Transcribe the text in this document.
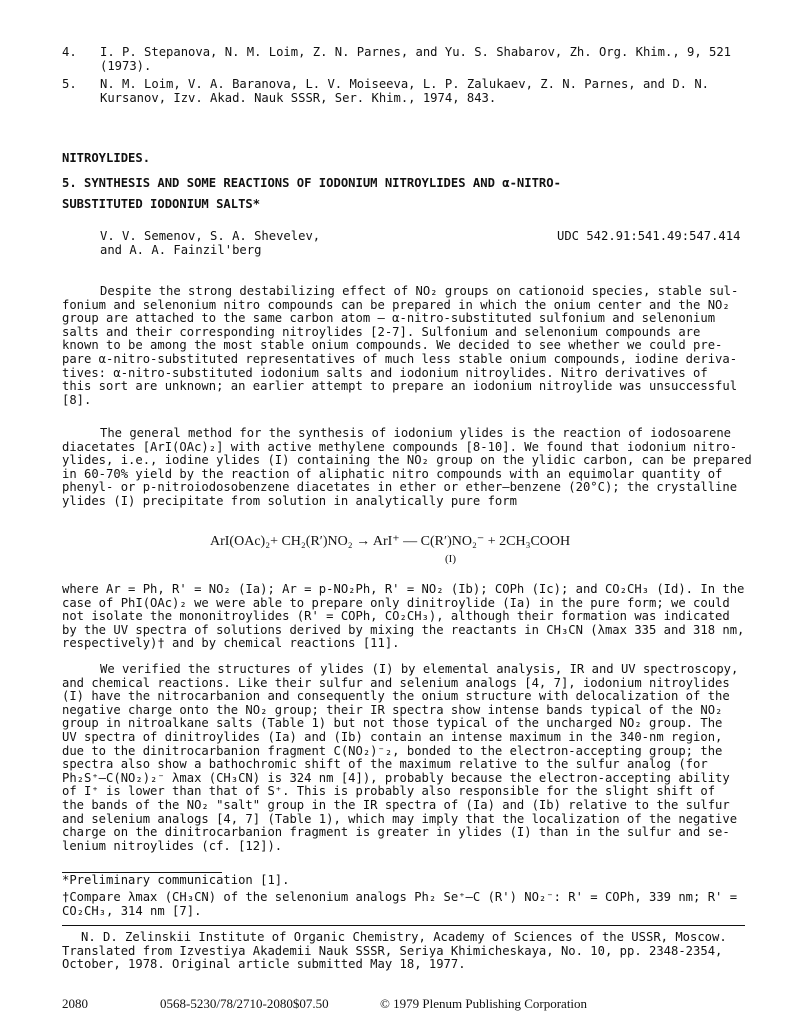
4. I. P. Stepanova, N. M. Loim, Z. N. Parnes, and Yu. S. Shabarov, Zh. Org. Khim., 9, 521
(1973).
5. N. M. Loim, V. A. Baranova, L. V. Moiseeva, L. P. Zalukaev, Z. N. Parnes, and D. N.
Kursanov, Izv. Akad. Nauk SSSR, Ser. Khim., 1974, 843.
NITROYLIDES.
5. SYNTHESIS AND SOME REACTIONS OF IODONIUM NITROYLIDES AND α-NITRO-
SUBSTITUTED IODONIUM SALTS*
V. V. Semenov, S. A. Shevelev,
and A. A. Fainzil'berg
UDC 542.91:541.49:547.414
Despite the strong destabilizing effect of NO₂ groups on cationoid species, stable sul-
fonium and selenonium nitro compounds can be prepared in which the onium center and the NO₂
group are attached to the same carbon atom — α-nitro-substituted sulfonium and selenonium
salts and their corresponding nitroylides [2-7]. Sulfonium and selenonium compounds are
known to be among the most stable onium compounds. We decided to see whether we could pre-
pare α-nitro-substituted representatives of much less stable onium compounds, iodine deriva-
tives: α-nitro-substituted iodonium salts and iodonium nitroylides. Nitro derivatives of
this sort are unknown; an earlier attempt to prepare an iodonium nitroylide was unsuccessful
[8].
The general method for the synthesis of iodonium ylides is the reaction of iodosoarene
diacetates [ArI(OAc)₂] with active methylene compounds [8-10]. We found that iodonium nitro-
ylides, i.e., iodine ylides (I) containing the NO₂ group on the ylidic carbon, can be prepared
in 60-70% yield by the reaction of aliphatic nitro compounds with an equimolar quantity of
phenyl- or p-nitroiodosobenzene diacetates in ether or ether—benzene (20°C); the crystalline
ylides (I) precipitate from solution in analytically pure form
ArI(OAc)₂+ CH₂(R′)NO₂ → ArI⁺ — C(R′)NO₂⁻ + 2CH₃COOH
(I)
where Ar = Ph, R' = NO₂ (Ia); Ar = p-NO₂Ph, R' = NO₂ (Ib); COPh (Ic); and CO₂CH₃ (Id). In the
case of PhI(OAc)₂ we were able to prepare only dinitroylide (Ia) in the pure form; we could
not isolate the mononitroylides (R' = COPh, CO₂CH₃), although their formation was indicated
by the UV spectra of solutions derived by mixing the reactants in CH₃CN (λmax 335 and 318 nm,
respectively)† and by chemical reactions [11].
We verified the structures of ylides (I) by elemental analysis, IR and UV spectroscopy,
and chemical reactions. Like their sulfur and selenium analogs [4, 7], iodonium nitroylides
(I) have the nitrocarbanion and consequently the onium structure with delocalization of the
negative charge onto the NO₂ group; their IR spectra show intense bands typical of the NO₂
group in nitroalkane salts (Table 1) but not those typical of the uncharged NO₂ group. The
UV spectra of dinitroylides (Ia) and (Ib) contain an intense maximum in the 340-nm region,
due to the dinitrocarbanion fragment C(NO₂)⁻₂, bonded to the electron-accepting group; the
spectra also show a bathochromic shift of the maximum relative to the sulfur analog (for
Ph₂S⁺—C(NO₂)₂⁻ λmax (CH₃CN) is 324 nm [4]), probably because the electron-accepting ability
of I⁺ is lower than that of S⁺. This is probably also responsible for the slight shift of
the bands of the NO₂ "salt" group in the IR spectra of (Ia) and (Ib) relative to the sulfur
and selenium analogs [4, 7] (Table 1), which may imply that the localization of the negative
charge on the dinitrocarbanion fragment is greater in ylides (I) than in the sulfur and se-
lenium nitroylides (cf. [12]).
*Preliminary communication [1].
†Compare λmax (CH₃CN) of the selenonium analogs Ph₂ Se⁺—C (R') NO₂⁻: R' = COPh, 339 nm; R' =
CO₂CH₃, 314 nm [7].
N. D. Zelinskii Institute of Organic Chemistry, Academy of Sciences of the USSR, Moscow.
Translated from Izvestiya Akademii Nauk SSSR, Seriya Khimicheskaya, No. 10, pp. 2348-2354,
October, 1978. Original article submitted May 18, 1977.
2080	0568-5230/78/2710-2080$07.50	© 1979 Plenum Publishing Corporation
